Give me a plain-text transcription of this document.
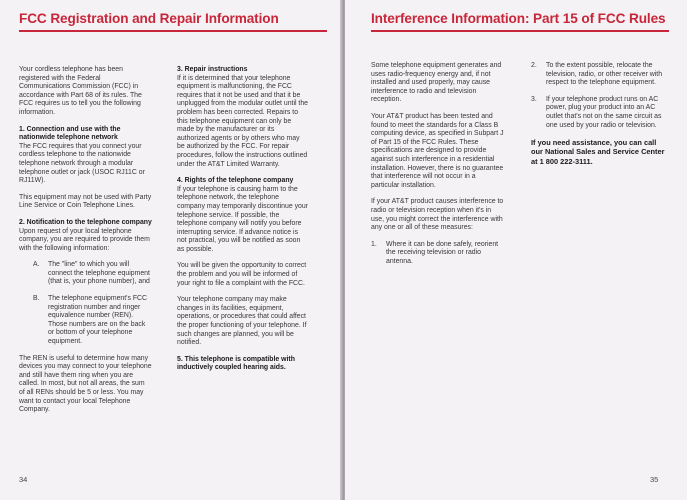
FCC Registration and Repair Information

Your cordless telephone has been registered with the Federal Communications Commission (FCC) in accordance with Part 68 of its rules. The FCC requires us to tell you the following information.

1. Connection and use with the nationwide telephone network

The FCC requires that you connect your cordless telephone to the nationwide telephone network through a modular telephone outlet or jack (USOC RJ11C or RJ11W).

This equipment may not be used with Party Line Service or Coin Telephone Lines.

2. Notification to the telephone company

Upon request of your local telephone company, you are required to provide them with the following information:

A.	The "line" to which you will connect the telephone equipment (that is, your phone number), and
B.	The telephone equipment's FCC registration number and ringer equivalence number (REN). Those numbers are on the back or bottom of your telephone equipment.

The REN is useful to determine how many devices you may connect to your telephone and still have them ring when you are called. In most, but not all areas, the sum of all RENs should be 5 or less. You may want to contact your local Telephone Company.

3. Repair instructions

If it is determined that your telephone equipment is malfunctioning, the FCC requires that it not be used and that it be unplugged from the modular outlet until the problem has been corrected. Repairs to this telephone equipment can only be made by the manufacturer or its authorized agents or by others who may be authorized by the FCC. For repair procedures, follow the instructions outlined under the AT&T Limited Warranty.

4. Rights of the telephone company

If your telephone is causing harm to the telephone network, the telephone company may temporarily discontinue your telephone service. If possible, the telephone company will notify you before interrupting service. If advance notice is not practical, you will be notified as soon as possible.

You will be given the opportunity to correct the problem and you will be informed of your right to file a complaint with the FCC.

Your telephone company may make changes in its facilities, equipment, operations, or procedures that could affect the proper functioning of your telephone. If such changes are planned, you will be notified.

5. This telephone is compatible with inductively coupled hearing aids.

34
Interference Information: Part 15 of FCC Rules

Some telephone equipment generates and uses radio-frequency energy and, if not installed and used properly, may cause interference to radio and television reception.

Your AT&T product has been tested and found to meet the standards for a Class B computing device, as specified in Subpart J of Part 15 of the FCC Rules. These specifications are designed to provide against such interference in a residential installation. However, there is no guarantee that interference will not occur in a particular installation.

If your AT&T product causes interference to radio or television reception when it's in use, you might correct the interference with any one or all of these measures:

1.	Where it can be done safely, reorient the receiving television or radio antenna.
2.	To the extent possible, relocate the television, radio, or other receiver with respect to the telephone equipment.
3.	If your telephone product runs on AC power, plug your product into an AC outlet that's not on the same circuit as one used by your radio or television.

If you need assistance, you can call our National Sales and Service Center at 1 800 222-3111.

35
